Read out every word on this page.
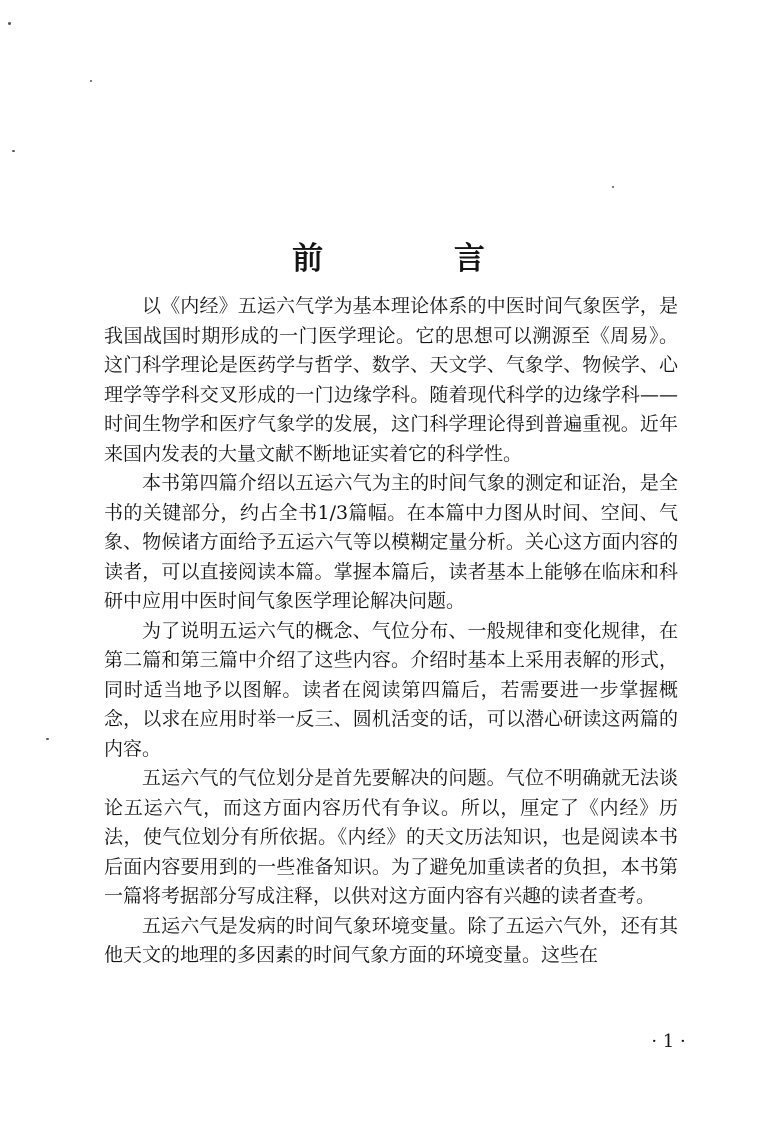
前 言

以《内经》五运六气学为基本理论体系的中医时间气象医学，是我国战国时期形成的一门医学理论。它的思想可以溯源至《周易》。这门科学理论是医药学与哲学、数学、天文学、气象学、物候学、心理学等学科交叉形成的一门边缘学科。随着现代科学的边缘学科——时间生物学和医疗气象学的发展，这门科学理论得到普遍重视。近年来国内发表的大量文献不断地证实着它的科学性。

本书第四篇介绍以五运六气为主的时间气象的测定和证治，是全书的关键部分，约占全书1/3篇幅。在本篇中力图从时间、空间、气象、物候诸方面给予五运六气等以模糊定量分析。关心这方面内容的读者，可以直接阅读本篇。掌握本篇后，读者基本上能够在临床和科研中应用中医时间气象医学理论解决问题。

为了说明五运六气的概念、气位分布、一般规律和变化规律，在第二篇和第三篇中介绍了这些内容。介绍时基本上采用表解的形式，同时适当地予以图解。读者在阅读第四篇后，若需要进一步掌握概念，以求在应用时举一反三、圆机活变的话，可以潜心研读这两篇的内容。

五运六气的气位划分是首先要解决的问题。气位不明确就无法谈论五运六气，而这方面内容历代有争议。所以，厘定了《内经》历法，使气位划分有所依据。《内经》的天文历法知识，也是阅读本书后面内容要用到的一些准备知识。为了避免加重读者的负担，本书第一篇将考据部分写成注释，以供对这方面内容有兴趣的读者查考。

五运六气是发病的时间气象环境变量。除了五运六气外，还有其他天文的地理的多因素的时间气象方面的环境变量。这些在

· 1 ·
